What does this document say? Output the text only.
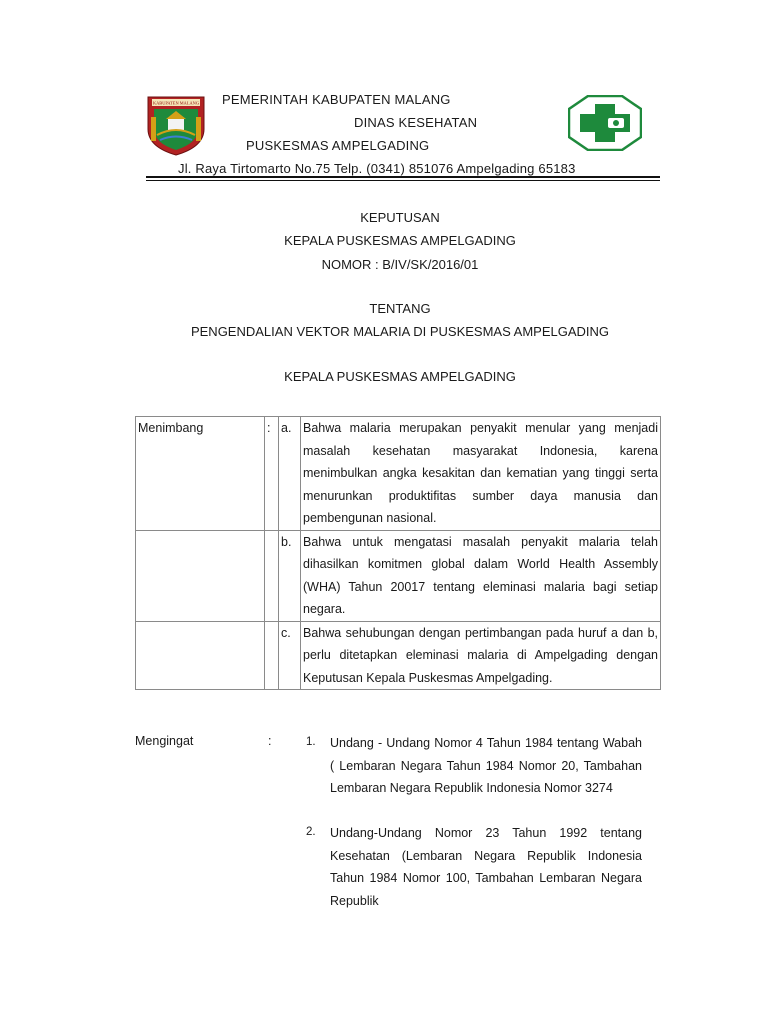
KABUPATEN MALANG PEMERINTAH KABUPATEN MALANG
DINAS KESEHATAN
PUSKESMAS AMPELGADING
Jl. Raya Tirtomarto No.75 Telp. (0341) 851076 Ampelgading 65183
KEPUTUSAN
KEPALA PUSKESMAS AMPELGADING
NOMOR : B/IV/SK/2016/01
TENTANG
PENGENDALIAN VEKTOR MALARIA DI PUSKESMAS AMPELGADING
KEPALA PUSKESMAS AMPELGADING
Menimbang	:	a.	Bahwa malaria merupakan penyakit menular yang menjadi masalah kesehatan masyarakat Indonesia, karena menimbulkan angka kesakitan dan kematian yang tinggi serta menurunkan produktifitas sumber daya manusia dan pembengunan nasional.
		b.	Bahwa untuk mengatasi masalah penyakit malaria telah dihasilkan komitmen global dalam World Health Assembly (WHA) Tahun 20017 tentang eleminasi malaria bagi setiap negara.
		c.	Bahwa sehubungan dengan pertimbangan pada huruf a dan b, perlu ditetapkan eleminasi malaria di Ampelgading dengan Keputusan Kepala Puskesmas Ampelgading.
Mengingat	:	1. Undang - Undang Nomor 4 Tahun 1984 tentang Wabah ( Lembaran Negara Tahun 1984 Nomor 20, Tambahan Lembaran Negara Republik Indonesia Nomor 3274
2. Undang-Undang Nomor 23 Tahun 1992 tentang Kesehatan (Lembaran Negara Republik Indonesia Tahun 1984 Nomor 100, Tambahan Lembaran Negara Republik
